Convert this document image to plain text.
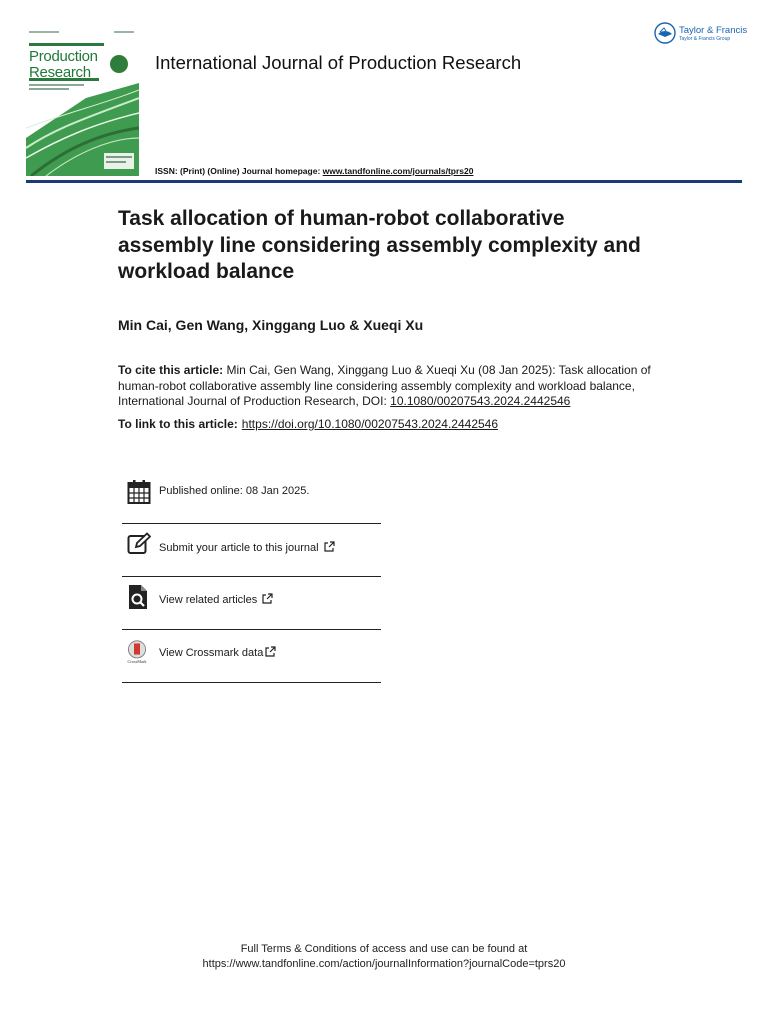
Production
Research	International Journal of Production Research
Taylor & Francis
Taylor & Francis Group
ISSN: (Print) (Online) Journal homepage: www.tandfonline.com/journals/tprs20
Task allocation of human-robot collaborative assembly line considering assembly complexity and workload balance
Min Cai, Gen Wang, Xinggang Luo & Xueqi Xu
To cite this article: Min Cai, Gen Wang, Xinggang Luo & Xueqi Xu (08 Jan 2025): Task allocation of human-robot collaborative assembly line considering assembly complexity and workload balance, International Journal of Production Research, DOI: 10.1080/00207543.2024.2442546
To link to this article: https://doi.org/10.1080/00207543.2024.2442546
Published online: 08 Jan 2025.
Submit your article to this journal
View related articles
CrossMark
View Crossmark data
Full Terms & Conditions of access and use can be found at
https://www.tandfonline.com/action/journalInformation?journalCode=tprs20
